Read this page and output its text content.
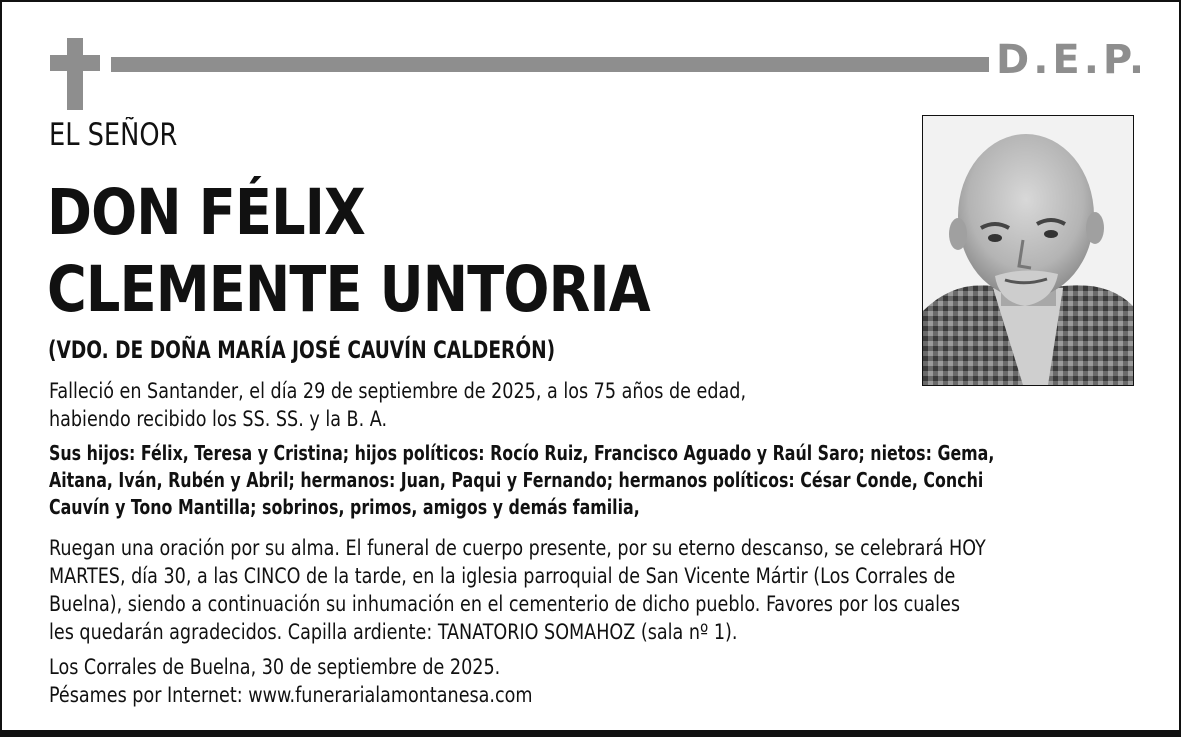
D.E.P.
EL SEÑOR
DON FÉLIX
CLEMENTE UNTORIA
(VDO. DE DOÑA MARÍA JOSÉ CAUVÍN CALDERÓN)
Falleció en Santander, el día 29 de septiembre de 2025, a los 75 años de edad,
habiendo recibido los SS. SS. y la B. A.
Sus hijos: Félix, Teresa y Cristina; hijos políticos: Rocío Ruiz, Francisco Aguado y Raúl Saro; nietos: Gema,
Aitana, Iván, Rubén y Abril; hermanos: Juan, Paqui y Fernando; hermanos políticos: César Conde, Conchi
Cauvín y Tono Mantilla; sobrinos, primos, amigos y demás familia,
Ruegan una oración por su alma. El funeral de cuerpo presente, por su eterno descanso, se celebrará HOY
MARTES, día 30, a las CINCO de la tarde, en la iglesia parroquial de San Vicente Mártir (Los Corrales de
Buelna), siendo a continuación su inhumación en el cementerio de dicho pueblo. Favores por los cuales
les quedarán agradecidos. Capilla ardiente: TANATORIO SOMAHOZ (sala nº 1).
Los Corrales de Buelna, 30 de septiembre de 2025.
Pésames por Internet: www.funerarialamontanesa.com
